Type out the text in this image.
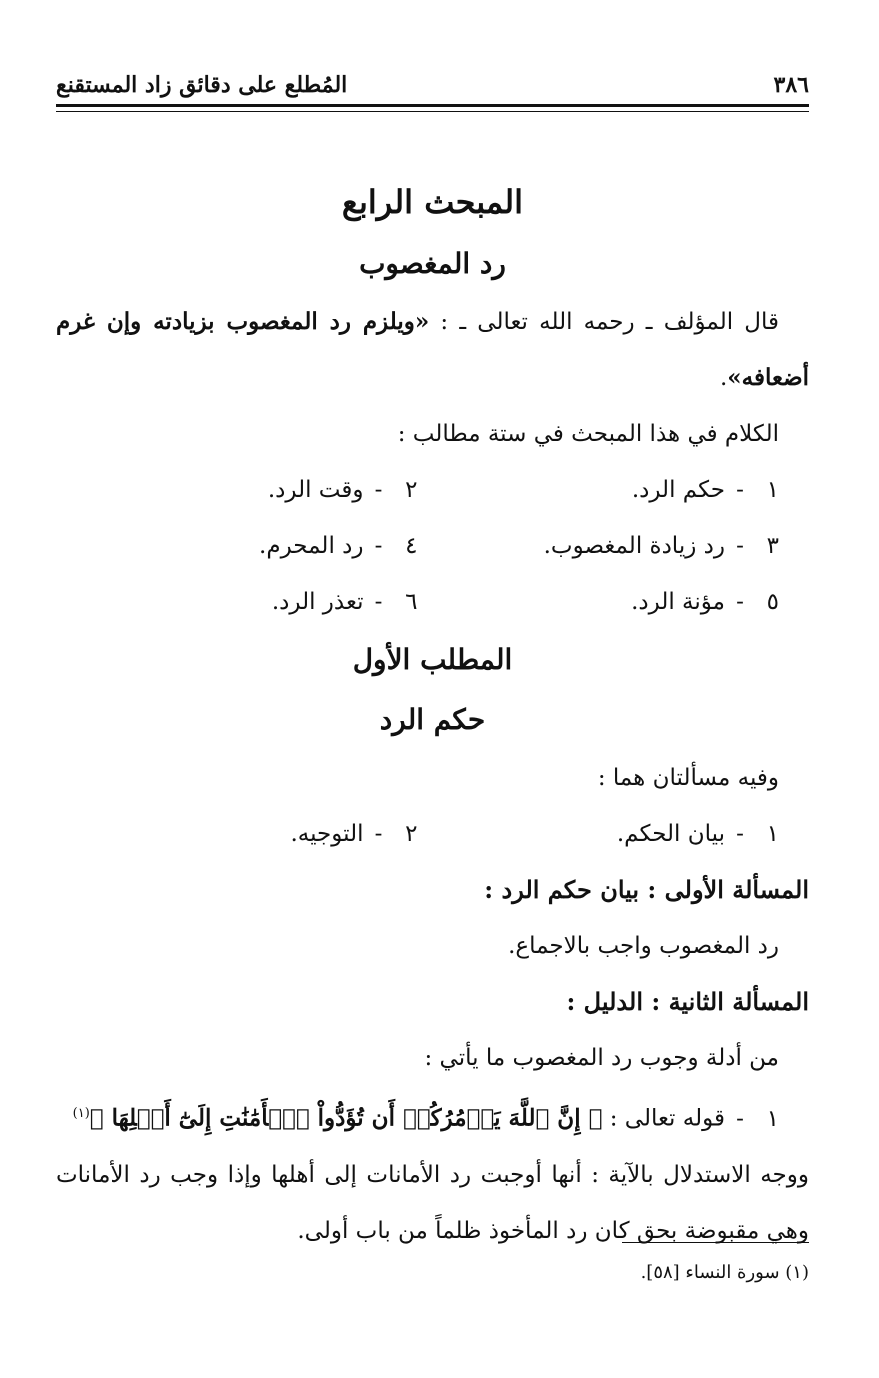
٣٨٦
المُطلع على دقائق زاد المستقنع
المبحث الرابع
رد المغصوب
قال المؤلف ـ رحمه الله تعالى ـ : «ويلزم رد المغصوب بزيادته وإن غرم أضعافه».
الكلام في هذا المبحث في ستة مطالب :
١-حكم الرد.
٢-وقت الرد.
٣-رد زيادة المغصوب.
٤-رد المحرم.
٥-مؤنة الرد.
٦-تعذر الرد.
المطلب الأول
حكم الرد
وفيه مسألتان هما :
١-بيان الحكم.
٢-التوجيه.
المسألة الأولى : بيان حكم الرد :
رد المغصوب واجب بالاجماع.
المسألة الثانية : الدليل :
من أدلة وجوب رد المغصوب ما يأتي :
١-قوله تعالى : ﴿ إِنَّ ٱللَّهَ يَأۡمُرُكُمۡ أَن تُؤَدُّواْ ٱلۡأَمَٰنَٰتِ إِلَىٰٓ أَهۡلِهَا ﴾$^{(١)}$
ووجه الاستدلال بالآية : أنها أوجبت رد الأمانات إلى أهلها وإذا وجب رد الأمانات وهي مقبوضة بحق كان رد المأخوذ ظلماً من باب أولى.
(١) سورة النساء [٥٨].
